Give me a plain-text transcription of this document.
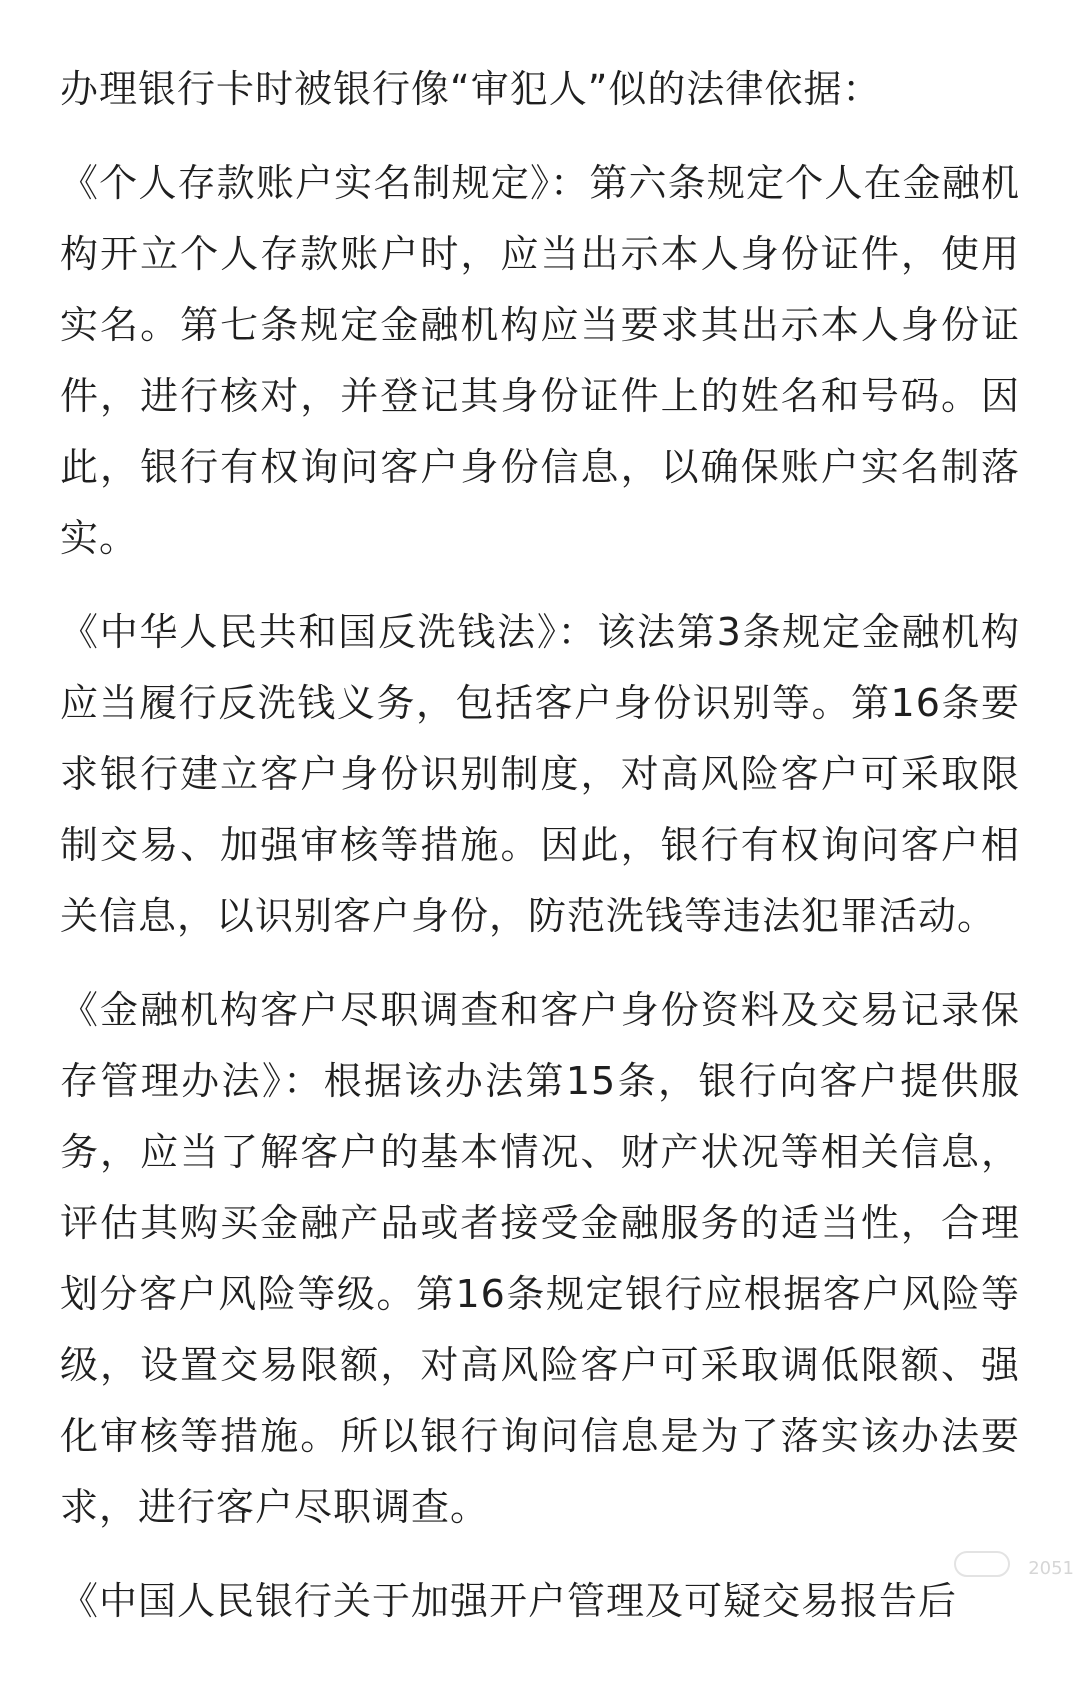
办理银行卡时被银行像“审犯人”似的法律依据：

《个人存款账户实名制规定》：第六条规定个人在金融机构开立个人存款账户时，应当出示本人身份证件，使用实名。第七条规定金融机构应当要求其出示本人身份证件，进行核对，并登记其身份证件上的姓名和号码。因此，银行有权询问客户身份信息，以确保账户实名制落实。

《中华人民共和国反洗钱法》：该法第3条规定金融机构应当履行反洗钱义务，包括客户身份识别等。第16条要求银行建立客户身份识别制度，对高风险客户可采取限制交易、加强审核等措施。因此，银行有权询问客户相关信息，以识别客户身份，防范洗钱等违法犯罪活动。

《金融机构客户尽职调查和客户身份资料及交易记录保存管理办法》：根据该办法第15条，银行向客户提供服务，应当了解客户的基本情况、财产状况等相关信息，评估其购买金融产品或者接受金融服务的适当性，合理划分客户风险等级。第16条规定银行应根据客户风险等级，设置交易限额，对高风险客户可采取调低限额、强化审核等措施。所以银行询问信息是为了落实该办法要求，进行客户尽职调查。

《中国人民银行关于加强开户管理及可疑交易报告后

2051
